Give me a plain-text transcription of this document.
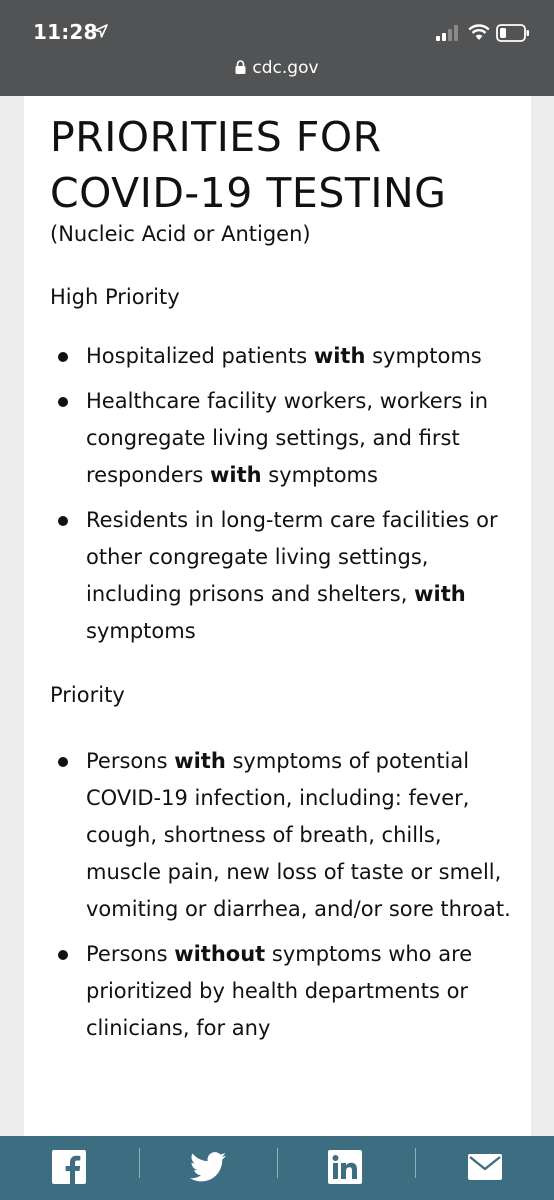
11:28
cdc.gov
PRIORITIES FOR
COVID-19 TESTING
(Nucleic Acid or Antigen)
High Priority
Hospitalized patients with symptoms
Healthcare facility workers, workers in congregate living settings, and first responders with symptoms
Residents in long-term care facilities or other congregate living settings, including prisons and shelters, with symptoms
Priority
Persons with symptoms of potential COVID-19 infection, including: fever, cough, shortness of breath, chills, muscle pain, new loss of taste or smell, vomiting or diarrhea, and/or sore throat.
Persons without symptoms who are prioritized by health departments or clinicians, for any
